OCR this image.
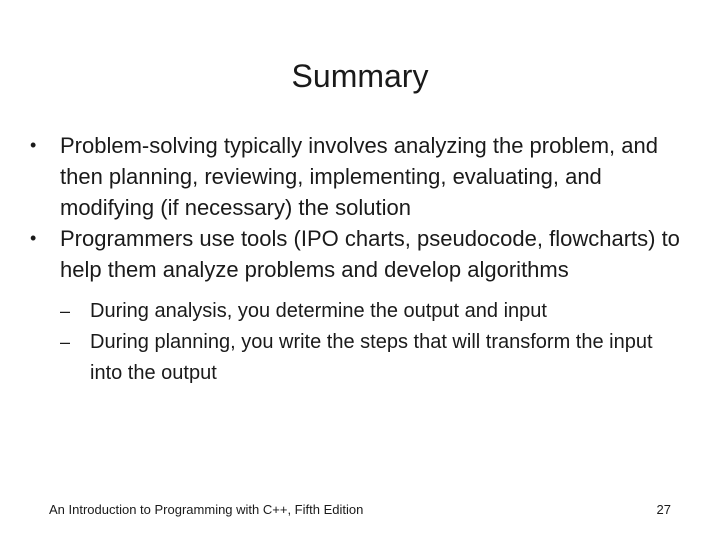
Summary
•	Problem-solving typically involves analyzing the problem, and then planning, reviewing, implementing, evaluating, and modifying (if necessary) the solution
•	Programmers use tools (IPO charts, pseudocode, flowcharts) to help them analyze problems and develop algorithms
– During analysis, you determine the output and input
– During planning, you write the steps that will transform the input into the output
An Introduction to Programming with C++, Fifth Edition	27
